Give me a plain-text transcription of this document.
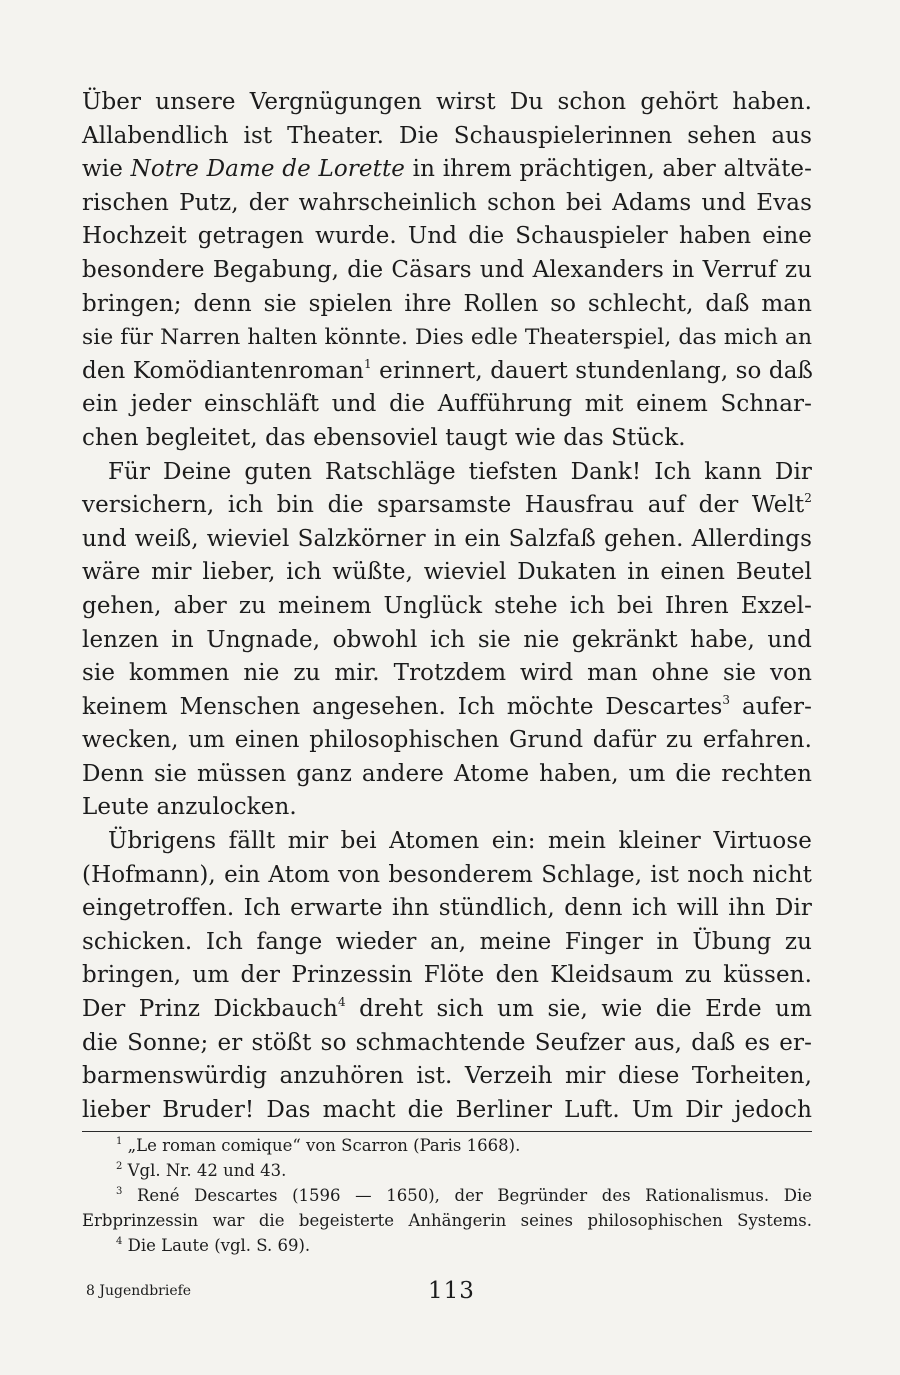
Über unsere Vergnügungen wirst Du schon gehört haben.
Allabendlich ist Theater. Die Schauspielerinnen sehen aus
wie Notre Dame de Lorette in ihrem prächtigen, aber altväte-
rischen Putz, der wahrscheinlich schon bei Adams und Evas
Hochzeit getragen wurde. Und die Schauspieler haben eine
besondere Begabung, die Cäsars und Alexanders in Verruf zu
bringen; denn sie spielen ihre Rollen so schlecht, daß man
sie für Narren halten könnte. Dies edle Theaterspiel, das mich an
den Komödiantenroman$^1$ erinnert, dauert stundenlang, so daß
ein jeder einschläft und die Aufführung mit einem Schnar-
chen begleitet, das ebensoviel taugt wie das Stück.
Für Deine guten Ratschläge tiefsten Dank! Ich kann Dir
versichern, ich bin die sparsamste Hausfrau auf der Welt$^2$
und weiß, wieviel Salzkörner in ein Salzfaß gehen. Allerdings
wäre mir lieber, ich wüßte, wieviel Dukaten in einen Beutel
gehen, aber zu meinem Unglück stehe ich bei Ihren Exzel-
lenzen in Ungnade, obwohl ich sie nie gekränkt habe, und
sie kommen nie zu mir. Trotzdem wird man ohne sie von
keinem Menschen angesehen. Ich möchte Descartes$^3$ aufer-
wecken, um einen philosophischen Grund dafür zu erfahren.
Denn sie müssen ganz andere Atome haben, um die rechten
Leute anzulocken.
Übrigens fällt mir bei Atomen ein: mein kleiner Virtuose
(Hofmann), ein Atom von besonderem Schlage, ist noch nicht
eingetroffen. Ich erwarte ihn stündlich, denn ich will ihn Dir
schicken. Ich fange wieder an, meine Finger in Übung zu
bringen, um der Prinzessin Flöte den Kleidsaum zu küssen.
Der Prinz Dickbauch$^4$ dreht sich um sie, wie die Erde um
die Sonne; er stößt so schmachtende Seufzer aus, daß es er-
barmenswürdig anzuhören ist. Verzeih mir diese Torheiten,
lieber Bruder! Das macht die Berliner Luft. Um Dir jedoch
$^1$ „Le roman comique“ von Scarron (Paris 1668).
$^2$ Vgl. Nr. 42 und 43.
$^3$ René Descartes (1596 — 1650), der Begründer des Rationalismus. Die
Erbprinzessin war die begeisterte Anhängerin seines philosophischen Systems.
$^4$ Die Laute (vgl. S. 69).
8 Jugendbriefe	113
